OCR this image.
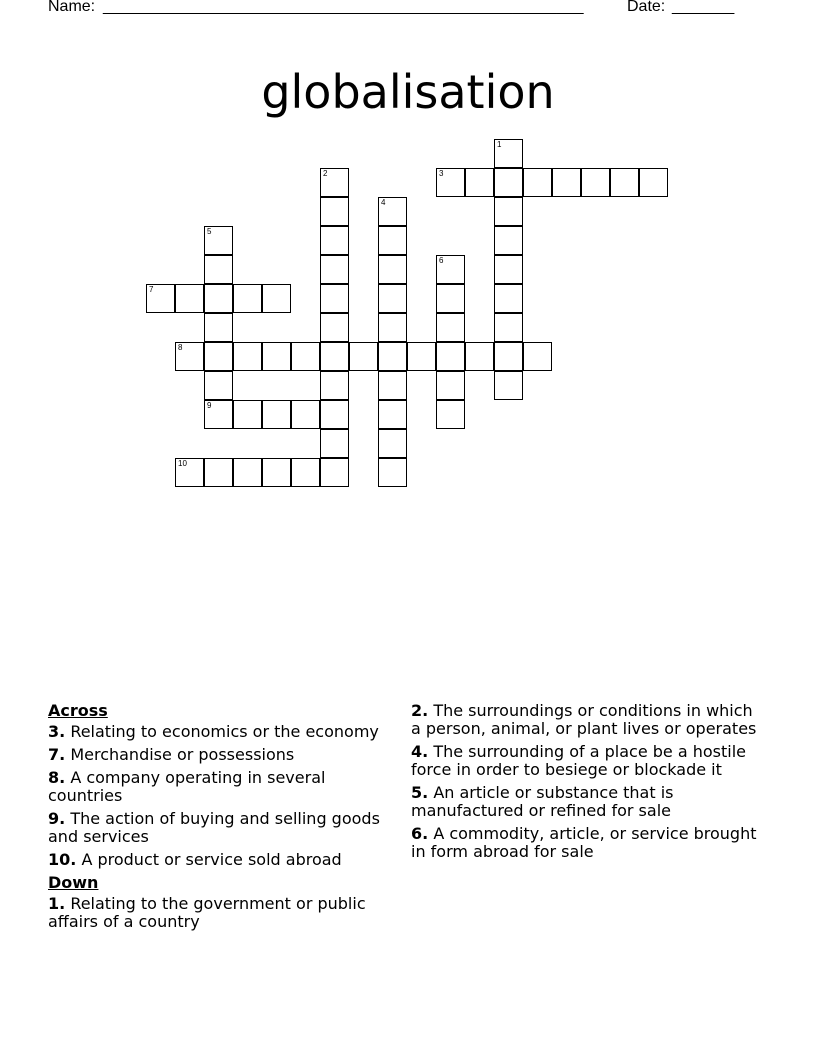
Name: ______________________________________________________	Date: _______
globalisation
1
2	3
4
5
9
6
7
8
10
Across
3. Relating to economics or the economy
7. Merchandise or possessions
8. A company operating in several countries
9. The action of buying and selling goods and services
10. A product or service sold abroad
Down
1. Relating to the government or public affairs of a country
2. The surroundings or conditions in which a person, animal, or plant lives or operates
4. The surrounding of a place be a hostile force in order to besiege or blockade it
5. An article or substance that is manufactured or refined for sale
6. A commodity, article, or service brought in form abroad for sale
